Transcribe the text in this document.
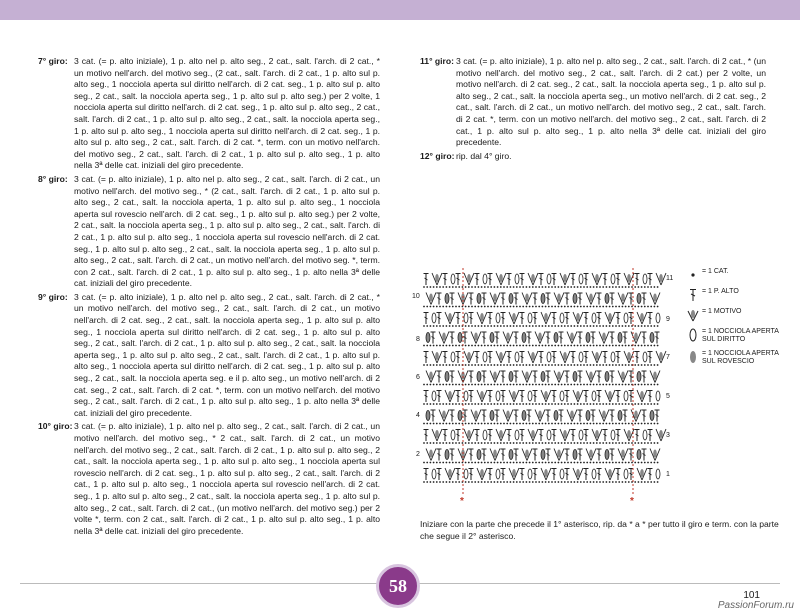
7° giro: 3 cat. (= p. alto iniziale), 1 p. alto nel p. alto seg., 2 cat., salt. l'arch. di 2 cat., * un motivo nell'arch. del motivo seg., (2 cat., salt. l'arch. di 2 cat., 1 p. alto sul p. alto seg., 1 nocciola aperta sul diritto nell'arch. di 2 cat. seg., 1 p. alto sul p. alto seg., 2 cat., salt. la nocciola aperta seg., 1 p. alto sul p. alto seg.) per 2 volte, 1 nocciola aperta sul diritto nell'arch. di 2 cat. seg., 1 p. alto sul p. alto seg., 2 cat., salt. l'arch. di 2 cat., 1 p. alto sul p. alto seg., 2 cat., salt. la nocciola aperta seg., 1 p. alto sul p. alto seg., 1 nocciola aperta sul diritto nell'arch. di 2 cat. seg., 1 p. alto sul p. alto seg., 2 cat., salt. l'arch. di 2 cat. *, term. con un motivo nell'arch. del motivo seg., 2 cat., salt. l'arch. di 2 cat., 1 p. alto sul p. alto seg., 1 p. alto nella 3ª delle cat. iniziali del giro precedente.
8° giro: 3 cat. (= p. alto iniziale), 1 p. alto nel p. alto seg., 2 cat., salt. l'arch. di 2 cat., un motivo nell'arch. del motivo seg., * (2 cat., salt. l'arch. di 2 cat., 1 p. alto sul p. alto seg., 2 cat., salt. la nocciola aperta, 1 p. alto sul p. alto seg., 1 nocciola aperta sul rovescio nell'arch. di 2 cat. seg., 1 p. alto sul p. alto seg.) per 2 volte, 2 cat., salt. la nocciola aperta seg., 1 p. alto sul p. alto seg., 2 cat., salt. l'arch. di 2 cat., 1 p. alto sul p. alto seg., 1 nocciola aperta sul rovescio nell'arch. di 2 cat. seg., 1 p. alto sul p. alto seg., 2 cat., salt. la nocciola aperta seg., 1 p. alto sul p. alto seg., 2 cat., salt. l'arch. di 2 cat., un motivo nell'arch. del motivo seg. *, term. con 2 cat., salt. l'arch. di 2 cat., 1 p. alto sul p. alto seg., 1 p. alto nella 3ª delle cat. iniziali del giro precedente.
9° giro: 3 cat. (= p. alto iniziale), 1 p. alto nel p. alto seg., 2 cat., salt. l'arch. di 2 cat., * un motivo nell'arch. del motivo seg., 2 cat., salt. l'arch. di 2 cat., un motivo nell'arch. di 2 cat. seg., 2 cat., salt. la nocciola aperta seg., 1 p. alto sul p. alto seg., 1 nocciola aperta sul diritto nell'arch. di 2 cat. seg., 1 p. alto sul p. alto seg., 2 cat., salt. l'arch. di 2 cat., 1 p. alto sul p. alto seg., 2 cat., salt. la nocciola aperta seg., 1 p. alto sul p. alto seg., 2 cat., salt. l'arch. di 2 cat., 1 p. alto sul p. alto seg., 1 nocciola aperta sul diritto nell'arch. di 2 cat. seg., 1 p. alto sul p. alto seg., 2 cat., salt. la nocciola aperta seg. e il p. alto seg., un motivo nell'arch. di 2 cat. seg., 2 cat., salt. l'arch. di 2 cat. *, term. con un motivo nell'arch. del motivo seg., 2 cat., salt. l'arch. di 2 cat., 1 p. alto sul p. alto seg., 1 p. alto nella 3ª delle cat. iniziali del giro precedente.
10° giro: 3 cat. (= p. alto iniziale), 1 p. alto nel p. alto seg., 2 cat., salt. l'arch. di 2 cat., un motivo nell'arch. del motivo seg., * 2 cat., salt. l'arch. di 2 cat., un motivo nell'arch. del motivo seg., 2 cat., salt. l'arch. di 2 cat., 1 p. alto sul p. alto seg., 2 cat., salt. la nocciola aperta seg., 1 p. alto sul p. alto seg., 1 nocciola aperta sul rovescio nell'arch. di 2 cat. seg., 1 p. alto sul p. alto seg., 2 cat., salt. l'arch. di 2 cat., 1 p. alto sul p. alto seg., 1 nocciola aperta sul rovescio nell'arch. di 2 cat. seg., 1 p. alto sul p. alto seg., 2 cat., salt. la nocciola aperta seg., 1 p. alto sul p. alto seg., 2 cat., salt. l'arch. di 2 cat., (un motivo nell'arch. del motivo seg.) per 2 volte *, term. con 2 cat., salt. l'arch. di 2 cat., 1 p. alto sul p. alto seg., 1 p. alto nella 3ª delle cat. iniziali del giro precedente.
11° giro: 3 cat. (= p. alto iniziale), 1 p. alto nel p. alto seg., 2 cat., salt. l'arch. di 2 cat., * (un motivo nell'arch. del motivo seg., 2 cat., salt. l'arch. di 2 cat.) per 2 volte, un motivo nell'arch. di 2 cat. seg., 2 cat., salt. la nocciola aperta seg., 1 p. alto sul p. alto seg., 2 cat., salt. la nocciola aperta seg., un motivo nell'arch. di 2 cat. seg., 2 cat., salt. l'arch. di 2 cat., un motivo nell'arch. del motivo seg., 2 cat., salt. l'arch. di 2 cat. *, term. con un motivo nell'arch. del motivo seg., 2 cat., salt. l'arch. di 2 cat., 1 p. alto sul p. alto seg., 1 p. alto nella 3ª delle cat. iniziali del giro precedente.
12° giro: rip. dal 4° giro.
10
8
6
4
2
11
9
7
5
3
1
*	*
= 1 CAT.
= 1 P. ALTO
= 1 MOTIVO
= 1 NOCCIOLA APERTA SUL DIRITTO
= 1 NOCCIOLA APERTA SUL ROVESCIO
Iniziare con la parte che precede il 1° asterisco, rip. da * a * per tutto il giro e term. con la parte che segue il 2° asterisco.
58	101
PassionForum.ru
